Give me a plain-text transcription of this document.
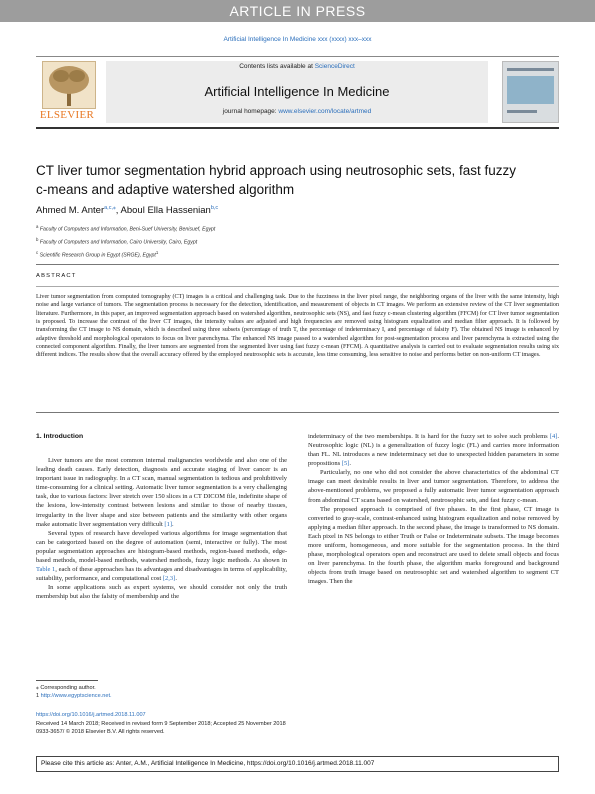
ARTICLE IN PRESS
Artificial Intelligence In Medicine xxx (xxxx) xxx–xxx
ELSEVIER
Contents lists available at ScienceDirect
Artificial Intelligence In Medicine
journal homepage: www.elsevier.com/locate/artmed
CT liver tumor segmentation hybrid approach using neutrosophic sets, fast fuzzy c-means and adaptive watershed algorithm
Ahmed M. Anter$^{a,c,⁎}$, Aboul Ella Hassenian$^{b,c}$
$^a$ Faculty of Computers and Information, Beni-Suef University, Benisuef, Egypt
$^b$ Faculty of Computers and Information, Cairo University, Cairo, Egypt
$^c$ Scientific Research Group in Egypt (SRGE), Egypt$^1$
ABSTRACT
Liver tumor segmentation from computed tomography (CT) images is a critical and challenging task. Due to the fuzziness in the liver pixel range, the neighboring organs of the liver with the same intensity, high noise and large variance of tumors. The segmentation process is necessary for the detection, identification, and measurement of objects in CT images. We perform an extensive review of the CT liver segmentation literature. Furthermore, in this paper, an improved segmentation approach based on watershed algorithm, neutrosophic sets (NS), and fast fuzzy c-mean clustering algorithm (FFCM) for CT liver tumor segmentation is proposed. To increase the contrast of the liver CT images, the intensity values are adjusted and high frequencies are removed using histogram equalization and median filter approach. It is followed by transforming the CT image to NS domain, which is described using three subsets (percentage of truth T, the percentage of indeterminacy I, and percentage of falsity F). The obtained NS image is enhanced by adaptive threshold and morphological operators to focus on liver parenchyma. The enhanced NS image passed to a watershed algorithm for post-segmentation process and liver parenchyma is extracted using the connected component algorithm. Finally, the liver tumors are segmented from the segmented liver using fast fuzzy c-mean (FFCM). A quantitative analysis is carried out to evaluate segmentation results using six different indices. The results show that the overall accuracy offered by the employed neutrosophic sets is accurate, less time consuming, less sensitive to noise and performs better on non-uniform CT images.

1. Introduction

Liver tumors are the most common internal malignancies worldwide and also one of the leading death causes. Early detection, diagnosis and accurate staging of liver cancer is an important issue in radiography. In a CT scan, manual segmentation is tedious and prohibitively time-consuming for a clinical setting. Automatic liver tumor segmentation is a very challenging task, due to various factors: liver stretch over 150 slices in a CT DICOM file, indefinite shape of the lesions, low-intensity contrast between lesions and similar to those of nearby tissues, irregularity in the liver shape and size between patients and the similarity with other organs make automatic liver segmentation very difficult [1].

Several types of research have developed various algorithms for image segmentation that can be categorized based on the degree of automation (semi, interactive or fully). The most popular segmentation approaches are histogram-based methods, region-based methods, edge-based methods, model-based methods, watershed methods, fuzzy logic methods. As shown in Table 1, each of these approaches has its advantages and disadvantages in terms of applicability, suitability, performance, and computational cost [2,3].

In some applications such as expert systems, we should consider not only the truth membership but also the falsity of membership and the

indeterminacy of the two memberships. It is hard for the fuzzy set to solve such problems [4]. Neutrosophic logic (NL) is a generalization of fuzzy logic (FL) and carries more information than FL. NL introduces a new indeterminacy set due to unexpected hidden parameters in some propositions [5].

Particularly, no one who did not consider the above characteristics of the abdominal CT image can meet desirable results in liver and tumor segmentation. Therefore, to address the above-mentioned problems, we proposed a fully automatic liver tumor segmentation approach from abdominal CT scans based on watershed, neutrosophic sets, and fast fuzzy c-mean.

The proposed approach is comprised of five phases. In the first phase, CT image is converted to gray-scale, contrast-enhanced using histogram equalization and noise removed by applying a median filter approach. In the second phase, the image is transformed to NS domain. Each pixel in NS belongs to either Truth or False or Indeterminate subsets. The image becomes more uniform, homogeneous, and more suitable for the segmentation process. In the third phase, morphological operators open and reconstruct are used to delete small objects and focus on liver parenchyma. In the fourth phase, the algorithm marks foreground and background objects from truth image based on neutrosophic set and watershed algorithm to segment CT images. Then the

⁎ Corresponding author.
1 http://www.egyptscience.net.
https://doi.org/10.1016/j.artmed.2018.11.007
Received 14 March 2018; Received in revised form 9 September 2018; Accepted 25 November 2018
0933-3657/ © 2018 Elsevier B.V. All rights reserved.
Please cite this article as: Anter, A.M., Artificial Intelligence In Medicine, https://doi.org/10.1016/j.artmed.2018.11.007
